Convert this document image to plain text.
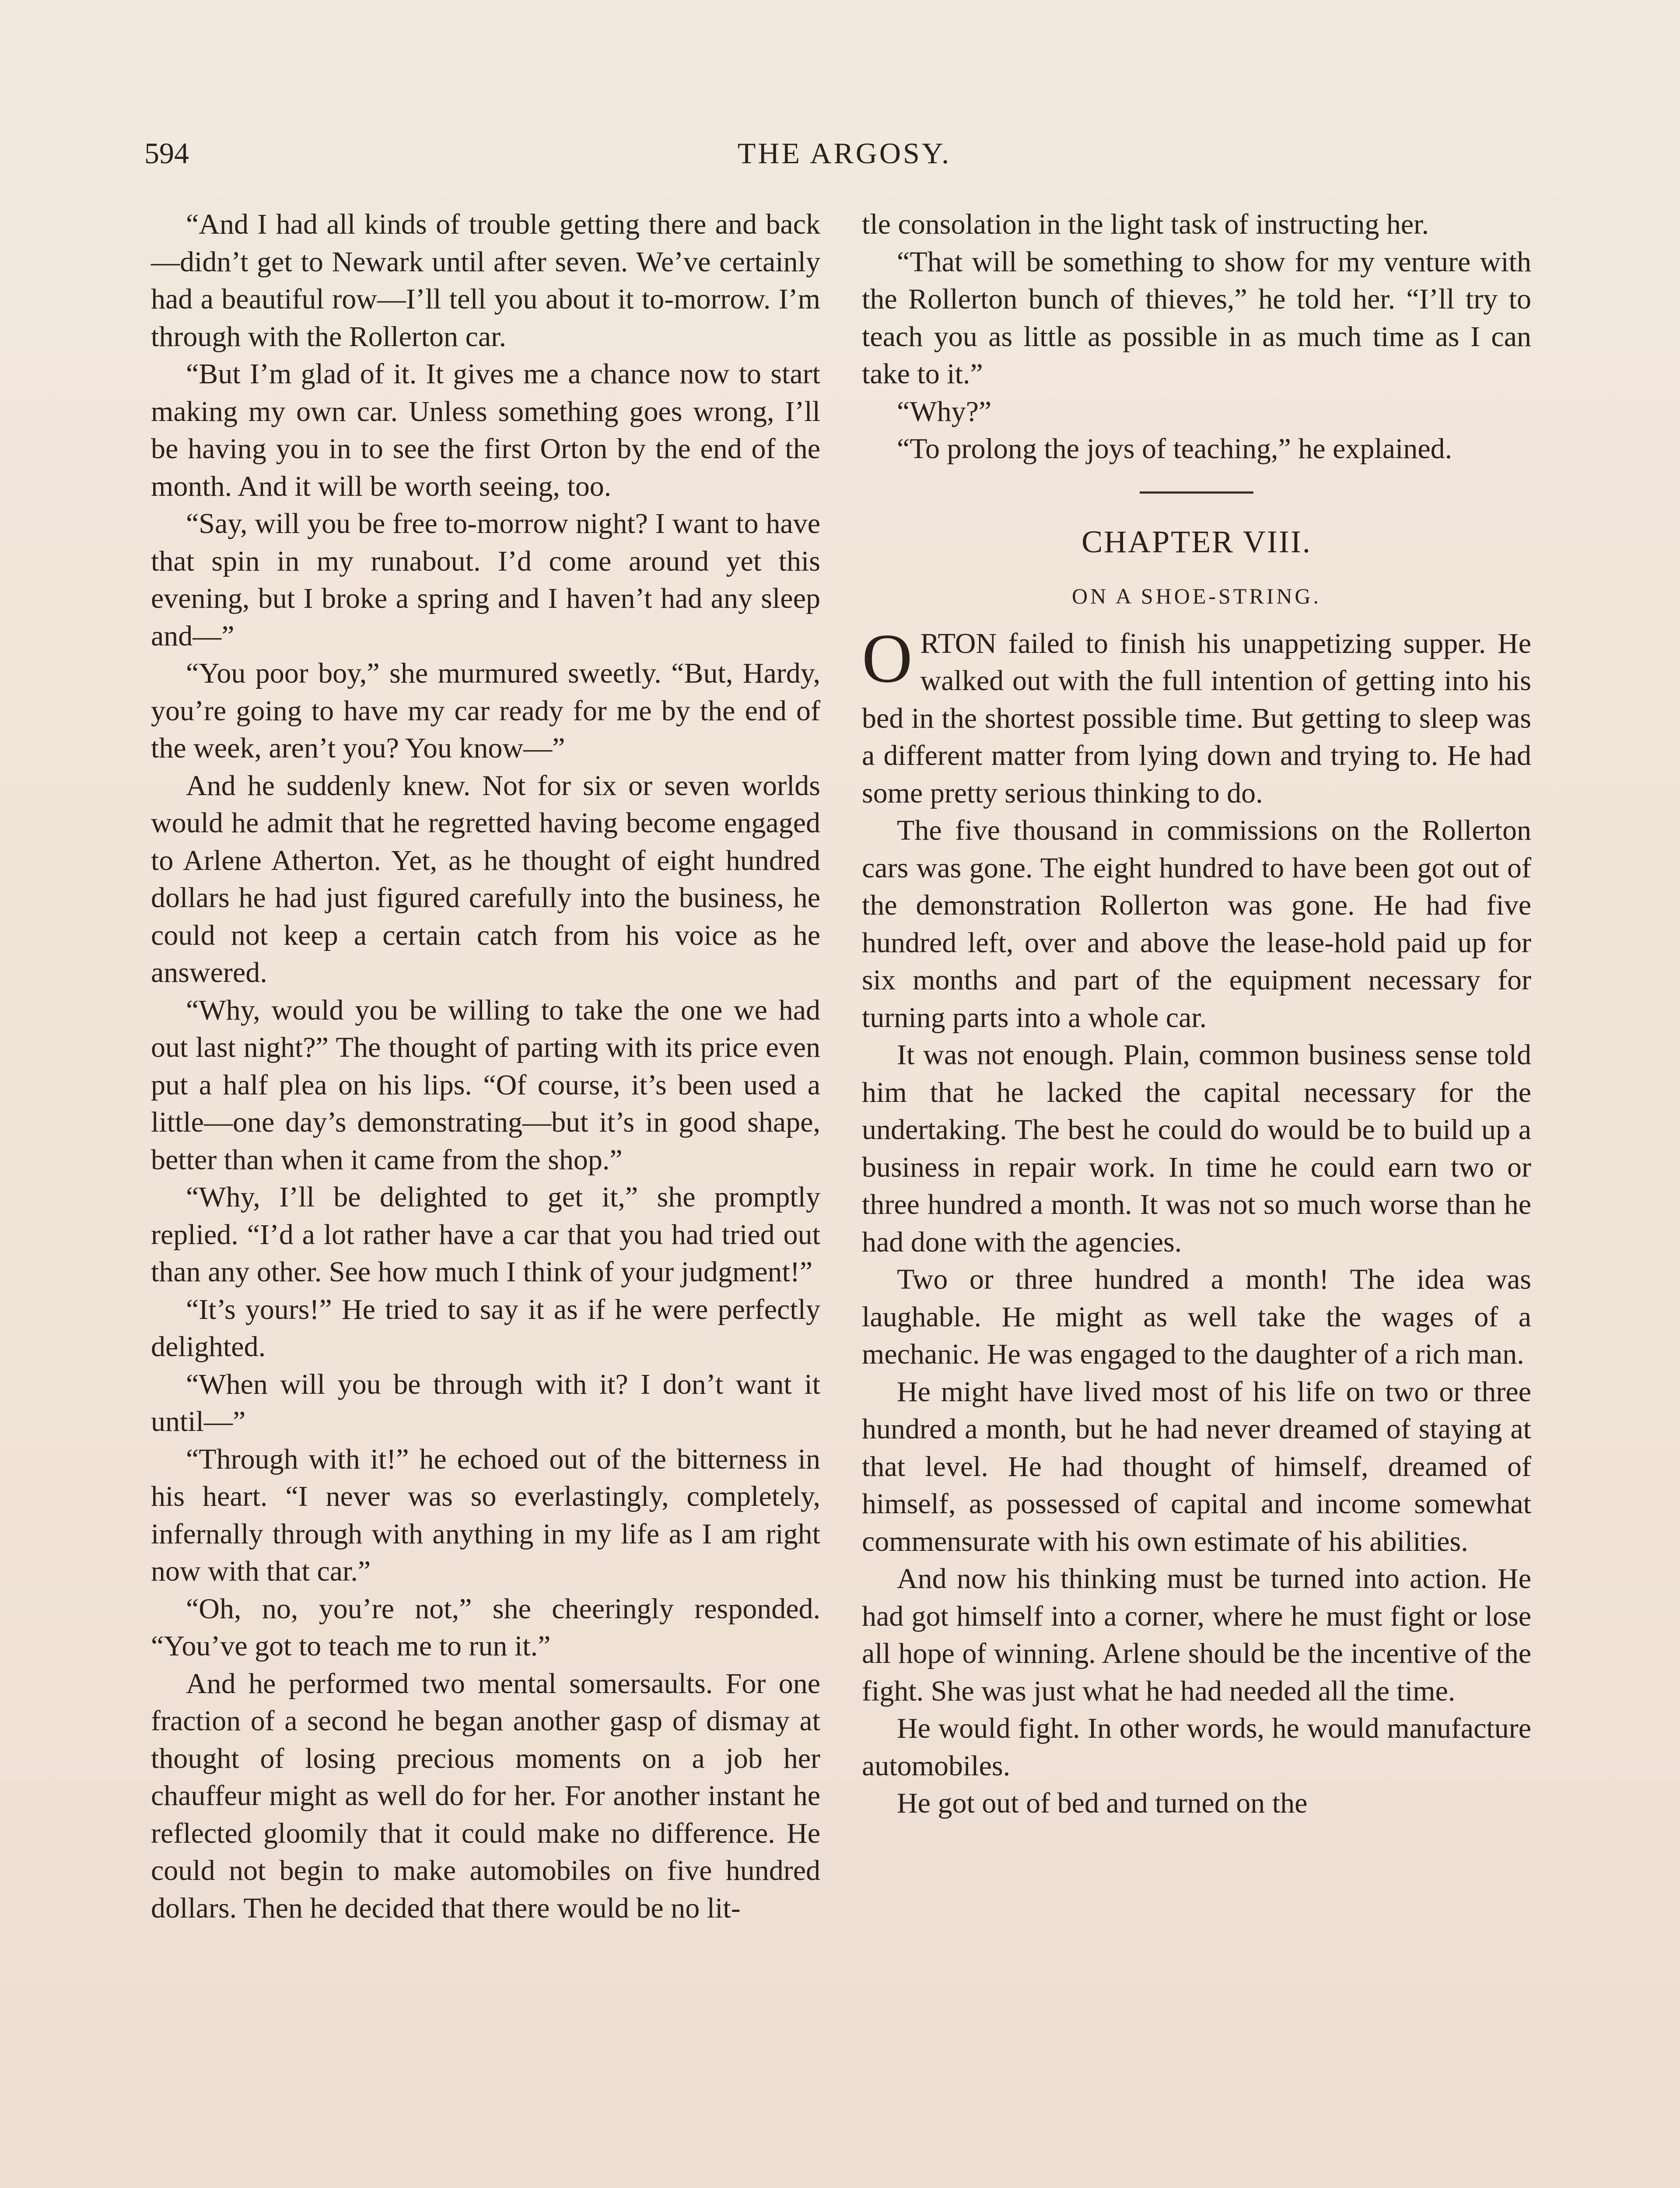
594	THE ARGOSY.

“And I had all kinds of trouble getting there and back—didn’t get to Newark until after seven. We’ve certainly had a beautiful row—I’ll tell you about it to-morrow. I’m through with the Rollerton car.

“But I’m glad of it. It gives me a chance now to start making my own car. Unless something goes wrong, I’ll be having you in to see the first Orton by the end of the month. And it will be worth seeing, too.

“Say, will you be free to-morrow night? I want to have that spin in my runabout. I’d come around yet this evening, but I broke a spring and I haven’t had any sleep and—”

“You poor boy,” she murmured sweetly. “But, Hardy, you’re going to have my car ready for me by the end of the week, aren’t you? You know—”

And he suddenly knew. Not for six or seven worlds would he admit that he regretted having become engaged to Arlene Atherton. Yet, as he thought of eight hundred dollars he had just figured carefully into the business, he could not keep a certain catch from his voice as he answered.

“Why, would you be willing to take the one we had out last night?” The thought of parting with its price even put a half plea on his lips. “Of course, it’s been used a little—one day’s demonstrating—but it’s in good shape, better than when it came from the shop.”

“Why, I’ll be delighted to get it,” she promptly replied. “I’d a lot rather have a car that you had tried out than any other. See how much I think of your judgment!”

“It’s yours!” He tried to say it as if he were perfectly delighted.

“When will you be through with it? I don’t want it until—”

“Through with it!” he echoed out of the bitterness in his heart. “I never was so everlastingly, completely, infernally through with anything in my life as I am right now with that car.”

“Oh, no, you’re not,” she cheeringly responded. “You’ve got to teach me to run it.”

And he performed two mental somersaults. For one fraction of a second he began another gasp of dismay at thought of losing precious moments on a job her chauffeur might as well do for her. For another instant he reflected gloomily that it could make no difference. He could not begin to make automobiles on five hundred dollars. Then he decided that there would be no lit-

tle consolation in the light task of instructing her.

“That will be something to show for my venture with the Rollerton bunch of thieves,” he told her. “I’ll try to teach you as little as possible in as much time as I can take to it.”

“Why?”

“To prolong the joys of teaching,” he explained.

CHAPTER VIII.
ON A SHOE-STRING.

ORTON failed to finish his unappetizing supper. He walked out with the full intention of getting into his bed in the shortest possible time. But getting to sleep was a different matter from lying down and trying to. He had some pretty serious thinking to do.

The five thousand in commissions on the Rollerton cars was gone. The eight hundred to have been got out of the demonstration Rollerton was gone. He had five hundred left, over and above the lease-hold paid up for six months and part of the equipment necessary for turning parts into a whole car.

It was not enough. Plain, common business sense told him that he lacked the capital necessary for the undertaking. The best he could do would be to build up a business in repair work. In time he could earn two or three hundred a month. It was not so much worse than he had done with the agencies.

Two or three hundred a month! The idea was laughable. He might as well take the wages of a mechanic. He was engaged to the daughter of a rich man.

He might have lived most of his life on two or three hundred a month, but he had never dreamed of staying at that level. He had thought of himself, dreamed of himself, as possessed of capital and income somewhat commensurate with his own estimate of his abilities.

And now his thinking must be turned into action. He had got himself into a corner, where he must fight or lose all hope of winning. Arlene should be the incentive of the fight. She was just what he had needed all the time.

He would fight. In other words, he would manufacture automobiles.

He got out of bed and turned on the
